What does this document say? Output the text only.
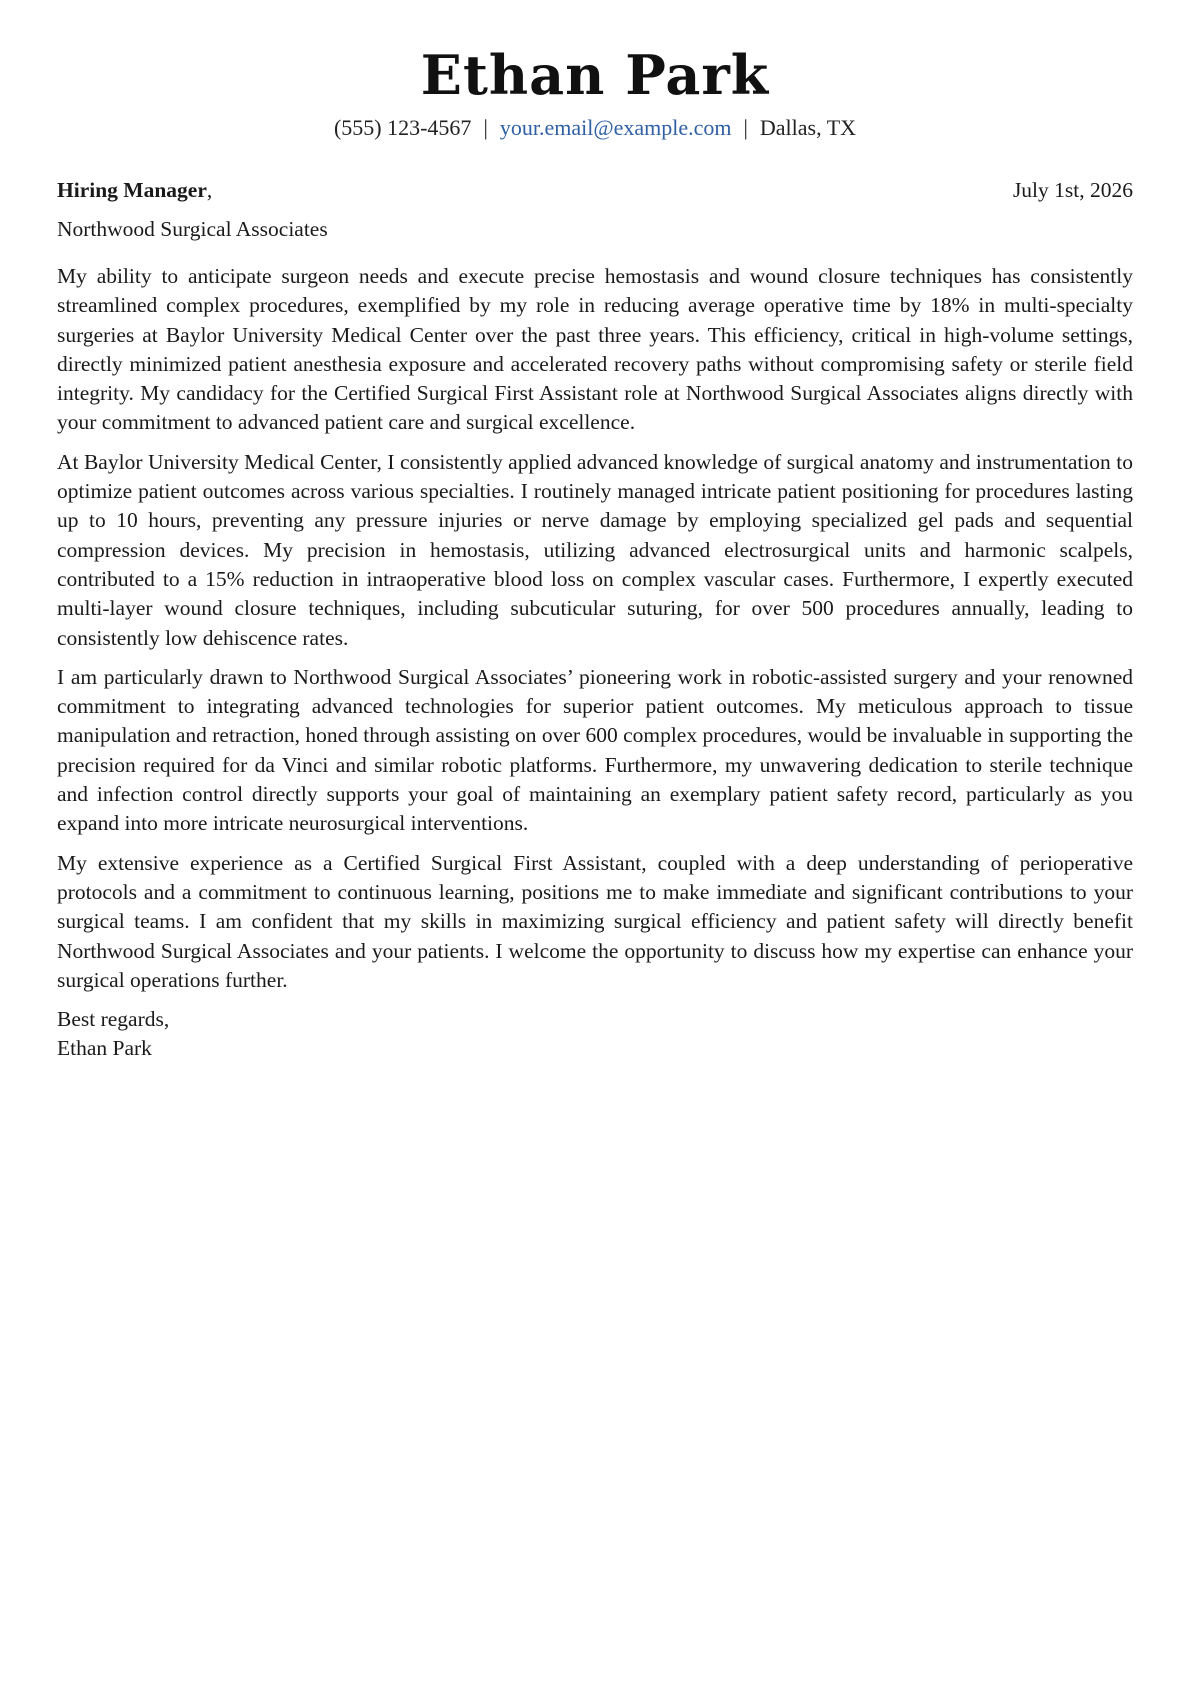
Ethan Park
(555) 123-4567 | your.email@example.com | Dallas, TX
Hiring Manager,	July 1st, 2026
Northwood Surgical Associates

My ability to anticipate surgeon needs and execute precise hemostasis and wound closure techniques has consistently streamlined complex procedures, exemplified by my role in reducing average operative time by 18% in multi-specialty surgeries at Baylor University Medical Center over the past three years. This efficiency, critical in high-volume settings, directly minimized patient anesthesia exposure and accelerated recovery paths without compromising safety or sterile field integrity. My candidacy for the Certified Surgical First Assistant role at Northwood Surgical Associates aligns directly with your commitment to advanced patient care and surgical excellence.

At Baylor University Medical Center, I consistently applied advanced knowledge of surgical anatomy and instrumentation to optimize patient outcomes across various specialties. I routinely managed intricate patient positioning for procedures lasting up to 10 hours, preventing any pressure injuries or nerve damage by employing specialized gel pads and sequential compression devices. My precision in hemostasis, utilizing advanced electrosurgical units and harmonic scalpels, contributed to a 15% reduction in intraoperative blood loss on complex vascular cases. Furthermore, I expertly executed multi-layer wound closure techniques, including subcuticular suturing, for over 500 procedures annually, leading to consistently low dehiscence rates.

I am particularly drawn to Northwood Surgical Associates’ pioneering work in robotic-assisted surgery and your renowned commitment to integrating advanced technologies for superior patient outcomes. My meticulous approach to tissue manipulation and retraction, honed through assisting on over 600 complex procedures, would be invaluable in supporting the precision required for da Vinci and similar robotic platforms. Furthermore, my unwavering dedication to sterile technique and infection control directly supports your goal of maintaining an exemplary patient safety record, particularly as you expand into more intricate neurosurgical interventions.

My extensive experience as a Certified Surgical First Assistant, coupled with a deep understanding of perioperative protocols and a commitment to continuous learning, positions me to make immediate and significant contributions to your surgical teams. I am confident that my skills in maximizing surgical efficiency and patient safety will directly benefit Northwood Surgical Associates and your patients. I welcome the opportunity to discuss how my expertise can enhance your surgical operations further.

Best regards,
Ethan Park
